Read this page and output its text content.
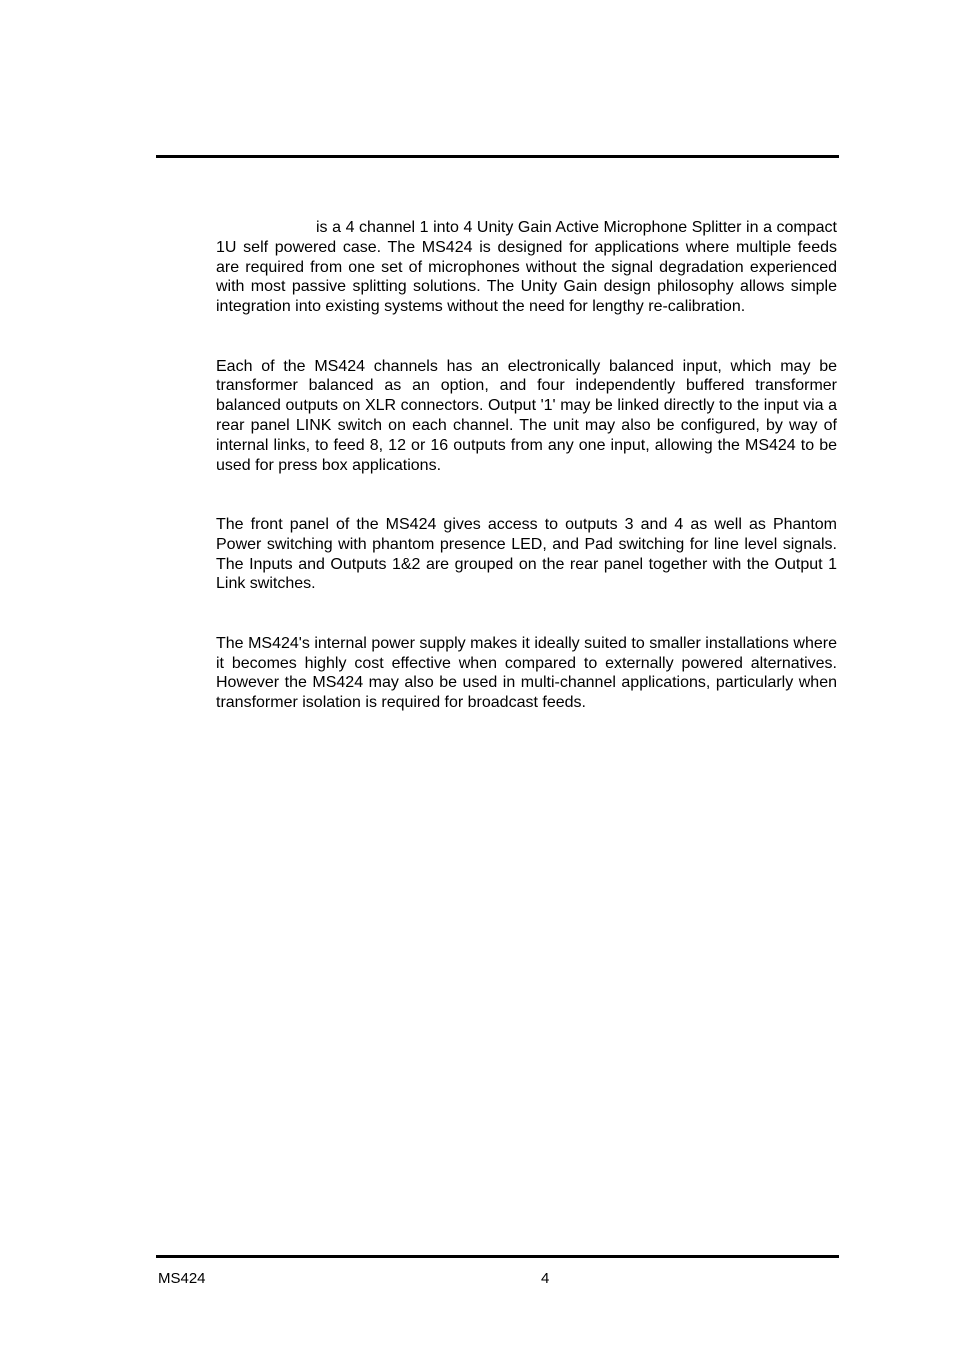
is a 4 channel 1 into 4 Unity Gain Active Microphone Splitter in a compact 1U self powered case. The MS424 is designed for applications where multiple feeds are required from one set of microphones without the signal degradation experienced with most passive splitting solutions. The Unity Gain design philosophy allows simple integration into existing systems without the need for lengthy re-calibration.

Each of the MS424 channels has an electronically balanced input, which may be transformer balanced as an option, and four independently buffered transformer balanced outputs on XLR connectors. Output '1' may be linked directly to the input via a rear panel LINK switch on each channel. The unit may also be configured, by way of internal links, to feed 8, 12 or 16 outputs from any one input, allowing the MS424 to be used for press box applications.

The front panel of the MS424 gives access to outputs 3 and 4 as well as Phantom Power switching with phantom presence LED, and Pad switching for line level signals. The Inputs and Outputs 1&2 are grouped on the rear panel together with the Output 1 Link switches.

The MS424's internal power supply makes it ideally suited to smaller installations where it becomes highly cost effective when compared to externally powered alternatives. However the MS424 may also be used in multi-channel applications, particularly when transformer isolation is required for broadcast feeds.

MS424	4
